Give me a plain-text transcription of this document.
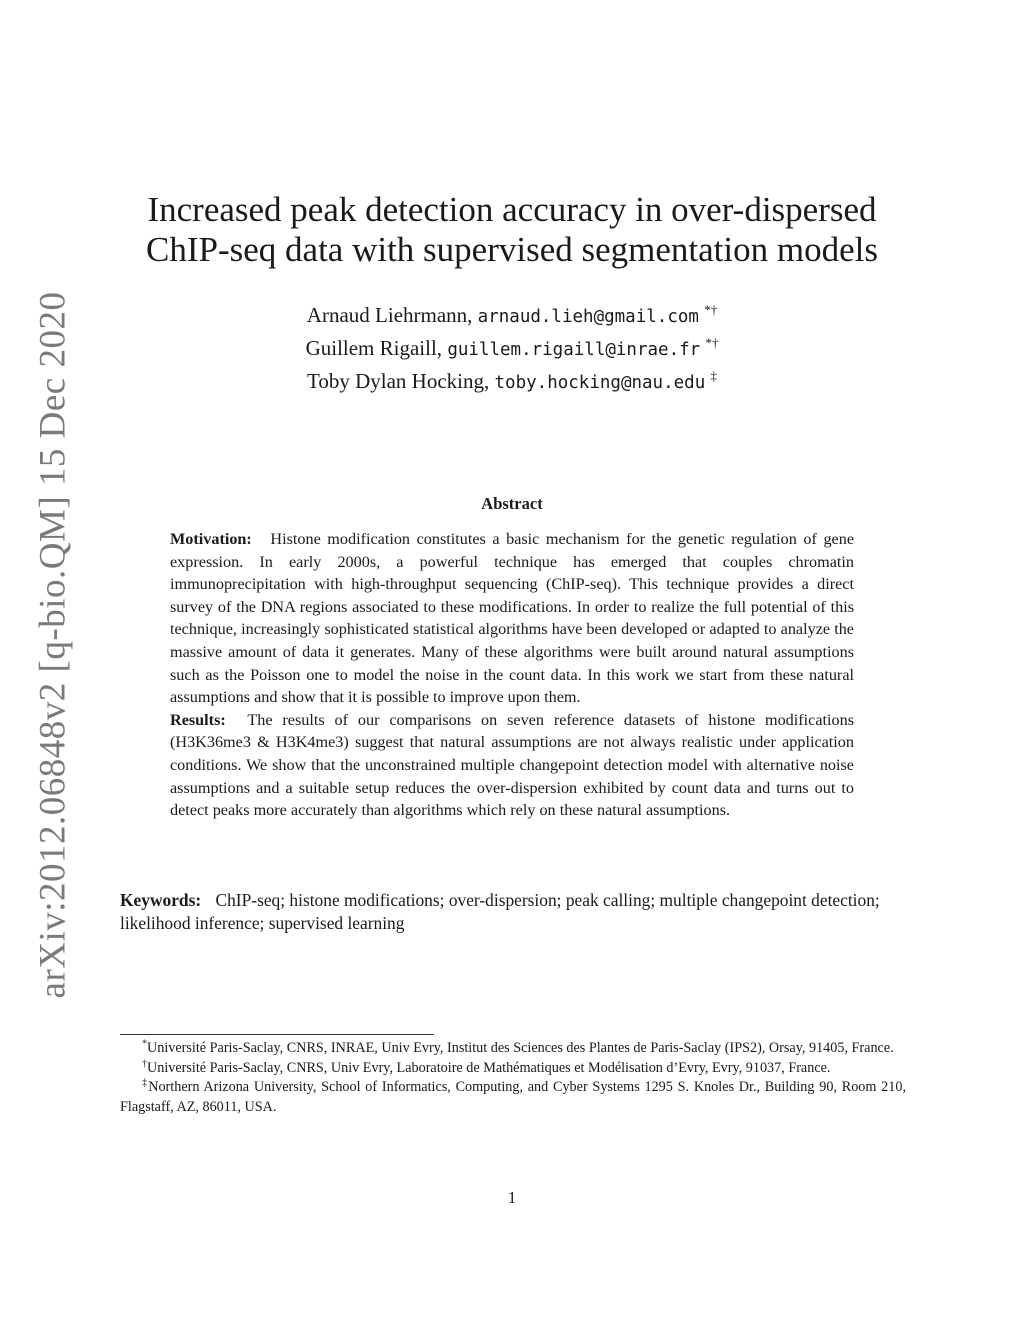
arXiv:2012.06848v2 [q-bio.QM] 15 Dec 2020
Increased peak detection accuracy in over-dispersed
ChIP-seq data with supervised segmentation models
Arnaud Liehrmann, arnaud.lieh@gmail.com *†
Guillem Rigaill, guillem.rigaill@inrae.fr *†
Toby Dylan Hocking, toby.hocking@nau.edu ‡
Abstract

Motivation: Histone modification constitutes a basic mechanism for the genetic regulation of gene expression. In early 2000s, a powerful technique has emerged that couples chromatin immunoprecipitation with high-throughput sequencing (ChIP-seq). This technique provides a direct survey of the DNA regions associated to these modifications. In order to realize the full potential of this technique, increasingly sophisticated statistical algorithms have been developed or adapted to analyze the massive amount of data it generates. Many of these algorithms were built around natural assumptions such as the Poisson one to model the noise in the count data. In this work we start from these natural assumptions and show that it is possible to improve upon them.

Results: The results of our comparisons on seven reference datasets of histone modifications (H3K36me3 & H3K4me3) suggest that natural assumptions are not always realistic under application conditions. We show that the unconstrained multiple changepoint detection model with alternative noise assumptions and a suitable setup reduces the over-dispersion exhibited by count data and turns out to detect peaks more accurately than algorithms which rely on these natural assumptions.

Keywords: ChIP-seq; histone modifications; over-dispersion; peak calling; multiple changepoint detection; likelihood inference; supervised learning

*Université Paris-Saclay, CNRS, INRAE, Univ Evry, Institut des Sciences des Plantes de Paris-Saclay (IPS2), Orsay, 91405, France.

†Université Paris-Saclay, CNRS, Univ Evry, Laboratoire de Mathématiques et Modélisation d’Evry, Evry, 91037, France.

‡Northern Arizona University, School of Informatics, Computing, and Cyber Systems 1295 S. Knoles Dr., Building 90, Room 210, Flagstaff, AZ, 86011, USA.

1
